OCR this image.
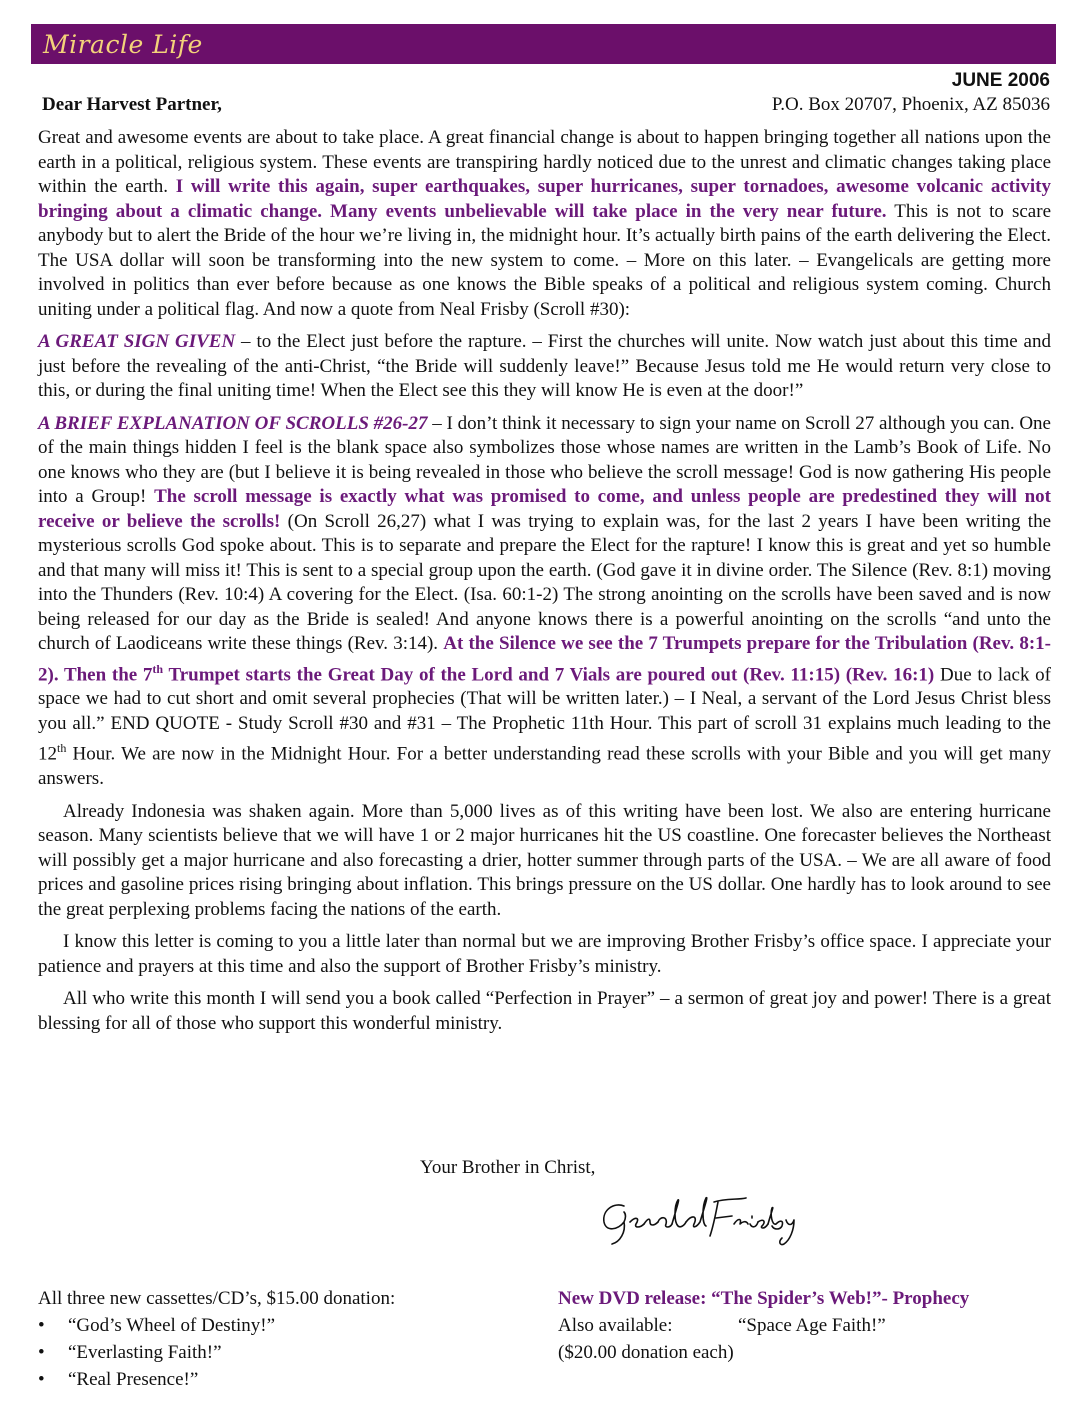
Miracle Life
JUNE 2006
Dear Harvest Partner,	P.O. Box 20707, Phoenix, AZ 85036

Great and awesome events are about to take place. A great financial change is about to happen bringing together all nations upon the earth in a political, religious system. These events are transpiring hardly noticed due to the unrest and climatic changes taking place within the earth. I will write this again, super earthquakes, super hurricanes, super tornadoes, awesome volcanic activity bringing about a climatic change. Many events unbelievable will take place in the very near future. This is not to scare anybody but to alert the Bride of the hour we’re living in, the midnight hour. It’s actually birth pains of the earth delivering the Elect. The USA dollar will soon be transforming into the new system to come. – More on this later. – Evangelicals are getting more involved in politics than ever before because as one knows the Bible speaks of a political and religious system coming. Church uniting under a political flag. And now a quote from Neal Frisby (Scroll #30):

A GREAT SIGN GIVEN – to the Elect just before the rapture. – First the churches will unite. Now watch just about this time and just before the revealing of the anti-Christ, “the Bride will suddenly leave!” Because Jesus told me He would return very close to this, or during the final uniting time! When the Elect see this they will know He is even at the door!”

A BRIEF EXPLANATION OF SCROLLS #26-27 – I don’t think it necessary to sign your name on Scroll 27 although you can. One of the main things hidden I feel is the blank space also symbolizes those whose names are written in the Lamb’s Book of Life. No one knows who they are (but I believe it is being revealed in those who believe the scroll message! God is now gathering His people into a Group! The scroll message is exactly what was promised to come, and unless people are predestined they will not receive or believe the scrolls! (On Scroll 26,27) what I was trying to explain was, for the last 2 years I have been writing the mysterious scrolls God spoke about. This is to separate and prepare the Elect for the rapture! I know this is great and yet so humble and that many will miss it! This is sent to a special group upon the earth. (God gave it in divine order. The Silence (Rev. 8:1) moving into the Thunders (Rev. 10:4) A covering for the Elect. (Isa. 60:1-2) The strong anointing on the scrolls have been saved and is now being released for our day as the Bride is sealed! And anyone knows there is a powerful anointing on the scrolls “and unto the church of Laodiceans write these things (Rev. 3:14). At the Silence we see the 7 Trumpets prepare for the Tribulation (Rev. 8:1-2). Then the 7th Trumpet starts the Great Day of the Lord and 7 Vials are poured out (Rev. 11:15) (Rev. 16:1) Due to lack of space we had to cut short and omit several prophecies (That will be written later.) – I Neal, a servant of the Lord Jesus Christ bless you all.” END QUOTE - Study Scroll #30 and #31 – The Prophetic 11th Hour. This part of scroll 31 explains much leading to the 12th Hour. We are now in the Midnight Hour. For a better understanding read these scrolls with your Bible and you will get many answers.

Already Indonesia was shaken again. More than 5,000 lives as of this writing have been lost. We also are entering hurricane season. Many scientists believe that we will have 1 or 2 major hurricanes hit the US coastline. One forecaster believes the Northeast will possibly get a major hurricane and also forecasting a drier, hotter summer through parts of the USA. – We are all aware of food prices and gasoline prices rising bringing about inflation. This brings pressure on the US dollar. One hardly has to look around to see the great perplexing problems facing the nations of the earth.

I know this letter is coming to you a little later than normal but we are improving Brother Frisby’s office space. I appreciate your patience and prayers at this time and also the support of Brother Frisby’s ministry.

All who write this month I will send you a book called “Perfection in Prayer” – a sermon of great joy and power! There is a great blessing for all of those who support this wonderful ministry.

Your Brother in Christ,
All three new cassettes/CD’s, $15.00 donation:
• “God’s Wheel of Destiny!”
• “Everlasting Faith!”
• “Real Presence!”
New DVD release: “The Spider’s Web!”- Prophecy
Also available:	“Space Age Faith!”
($20.00 donation each)
